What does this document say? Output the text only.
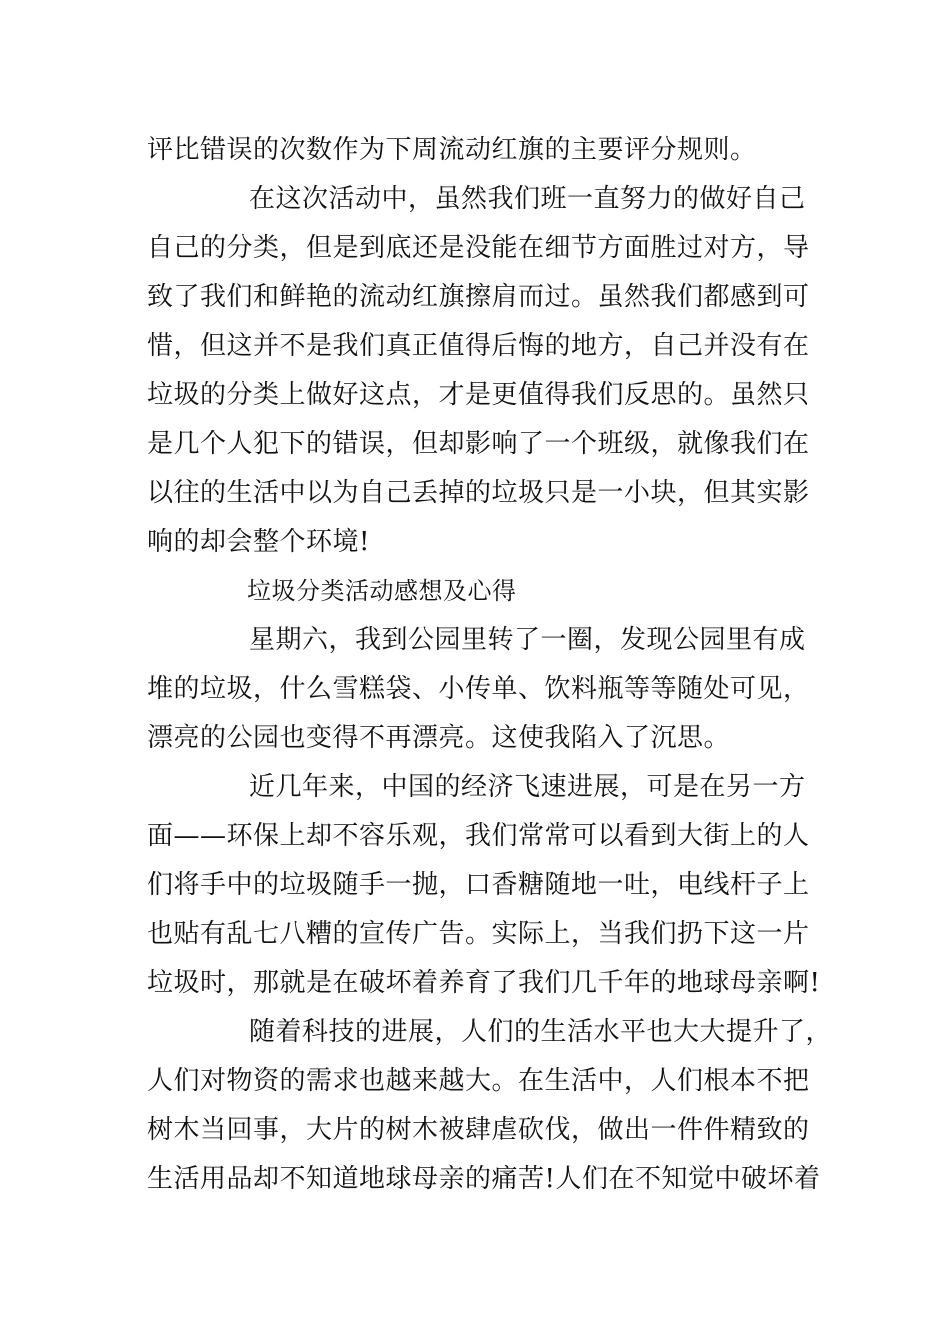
评比错误的次数作为下周流动红旗的主要评分规则。
在这次活动中，虽然我们班一直努力的做好自己
自己的分类，但是到底还是没能在细节方面胜过对方，导
致了我们和鲜艳的流动红旗擦肩而过。虽然我们都感到可
惜，但这并不是我们真正值得后悔的地方，自己并没有在
垃圾的分类上做好这点，才是更值得我们反思的。虽然只
是几个人犯下的错误，但却影响了一个班级，就像我们在
以往的生活中以为自己丢掉的垃圾只是一小块，但其实影
响的却会整个环境!
垃圾分类活动感想及心得
星期六，我到公园里转了一圈，发现公园里有成
堆的垃圾，什么雪糕袋、小传单、饮料瓶等等随处可见，
漂亮的公园也变得不再漂亮。这使我陷入了沉思。
近几年来，中国的经济飞速进展，可是在另一方
面——环保上却不容乐观，我们常常可以看到大街上的人
们将手中的垃圾随手一抛，口香糖随地一吐，电线杆子上
也贴有乱七八糟的宣传广告。实际上，当我们扔下这一片
垃圾时，那就是在破坏着养育了我们几千年的地球母亲啊!
随着科技的进展，人们的生活水平也大大提升了，
人们对物资的需求也越来越大。在生活中，人们根本不把
树木当回事，大片的树木被肆虐砍伐，做出一件件精致的
生活用品却不知道地球母亲的痛苦!人们在不知觉中破坏着
